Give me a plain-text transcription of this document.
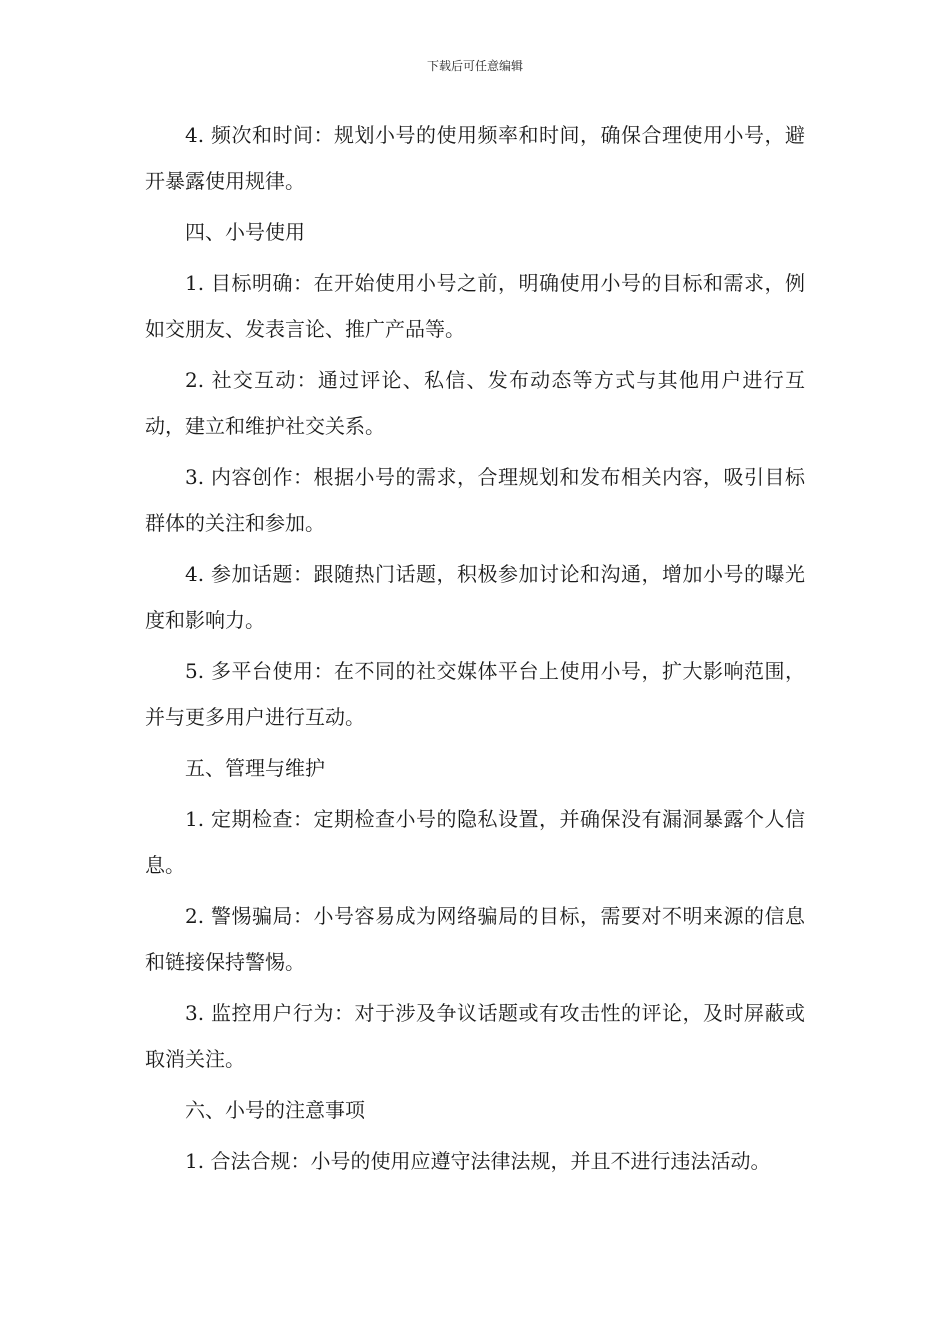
下载后可任意编辑

4. 频次和时间：规划小号的使用频率和时间，确保合理使用小号，避开暴露使用规律。

四、小号使用

1. 目标明确：在开始使用小号之前，明确使用小号的目标和需求，例如交朋友、发表言论、推广产品等。

2. 社交互动：通过评论、私信、发布动态等方式与其他用户进行互动，建立和维护社交关系。

3. 内容创作：根据小号的需求，合理规划和发布相关内容，吸引目标群体的关注和参加。

4. 参加话题：跟随热门话题，积极参加讨论和沟通，增加小号的曝光度和影响力。

5. 多平台使用：在不同的社交媒体平台上使用小号，扩大影响范围，并与更多用户进行互动。

五、管理与维护

1. 定期检查：定期检查小号的隐私设置，并确保没有漏洞暴露个人信息。

2. 警惕骗局：小号容易成为网络骗局的目标，需要对不明来源的信息和链接保持警惕。

3. 监控用户行为：对于涉及争议话题或有攻击性的评论，及时屏蔽或取消关注。

六、小号的注意事项

1. 合法合规：小号的使用应遵守法律法规，并且不进行违法活动。
